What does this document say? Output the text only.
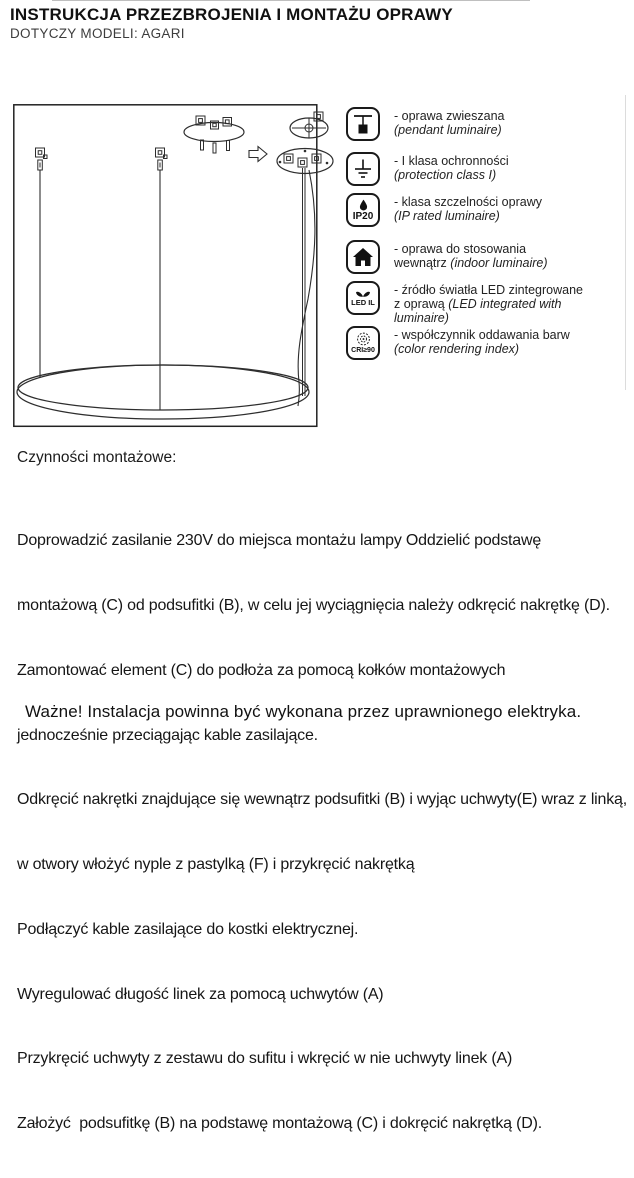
INSTRUKCJA PRZEZBROJENIA I MONTAŻU OPRAWY
DOTYCZY MODELI: AGARI
- oprawa zwieszana
(pendant luminaire)
- I klasa ochronności
(protection class I)
IP20
- klasa szczelności oprawy
(IP rated luminaire)
- oprawa do stosowania
wewnątrz (indoor luminaire)
LED IL
- źródło światła LED zintegrowane
z oprawą (LED integrated with
luminaire)
CRI≥90
- współczynnik oddawania barw
(color rendering index)
Czynności montażowe:

Doprowadzić zasilanie 230V do miejsca montażu lampy Oddzielić podstawę

montażową (C) od podsufitki (B), w celu jej wyciągnięcia należy odkręcić nakrętkę (D).

Zamontować element (C) do podłoża za pomocą kołków montażowych

jednocześnie przeciągając kable zasilające.

Odkręcić nakrętki znajdujące się wewnątrz podsufitki (B) i wyjąc uchwyty(E) wraz z linką,

w otwory włożyć nyple z pastylką (F) i przykręcić nakrętką

Podłączyć kable zasilające do kostki elektrycznej.

Wyregulować długość linek za pomocą uchwytów (A)

Przykręcić uchwyty z zestawu do sufitu i wkręcić w nie uchwyty linek (A)

Założyć  podsufitkę (B) na podstawę montażową (C) i dokręcić nakrętką (D).

Ważne! Instalacja powinna być wykonana przez uprawnionego elektryka.
